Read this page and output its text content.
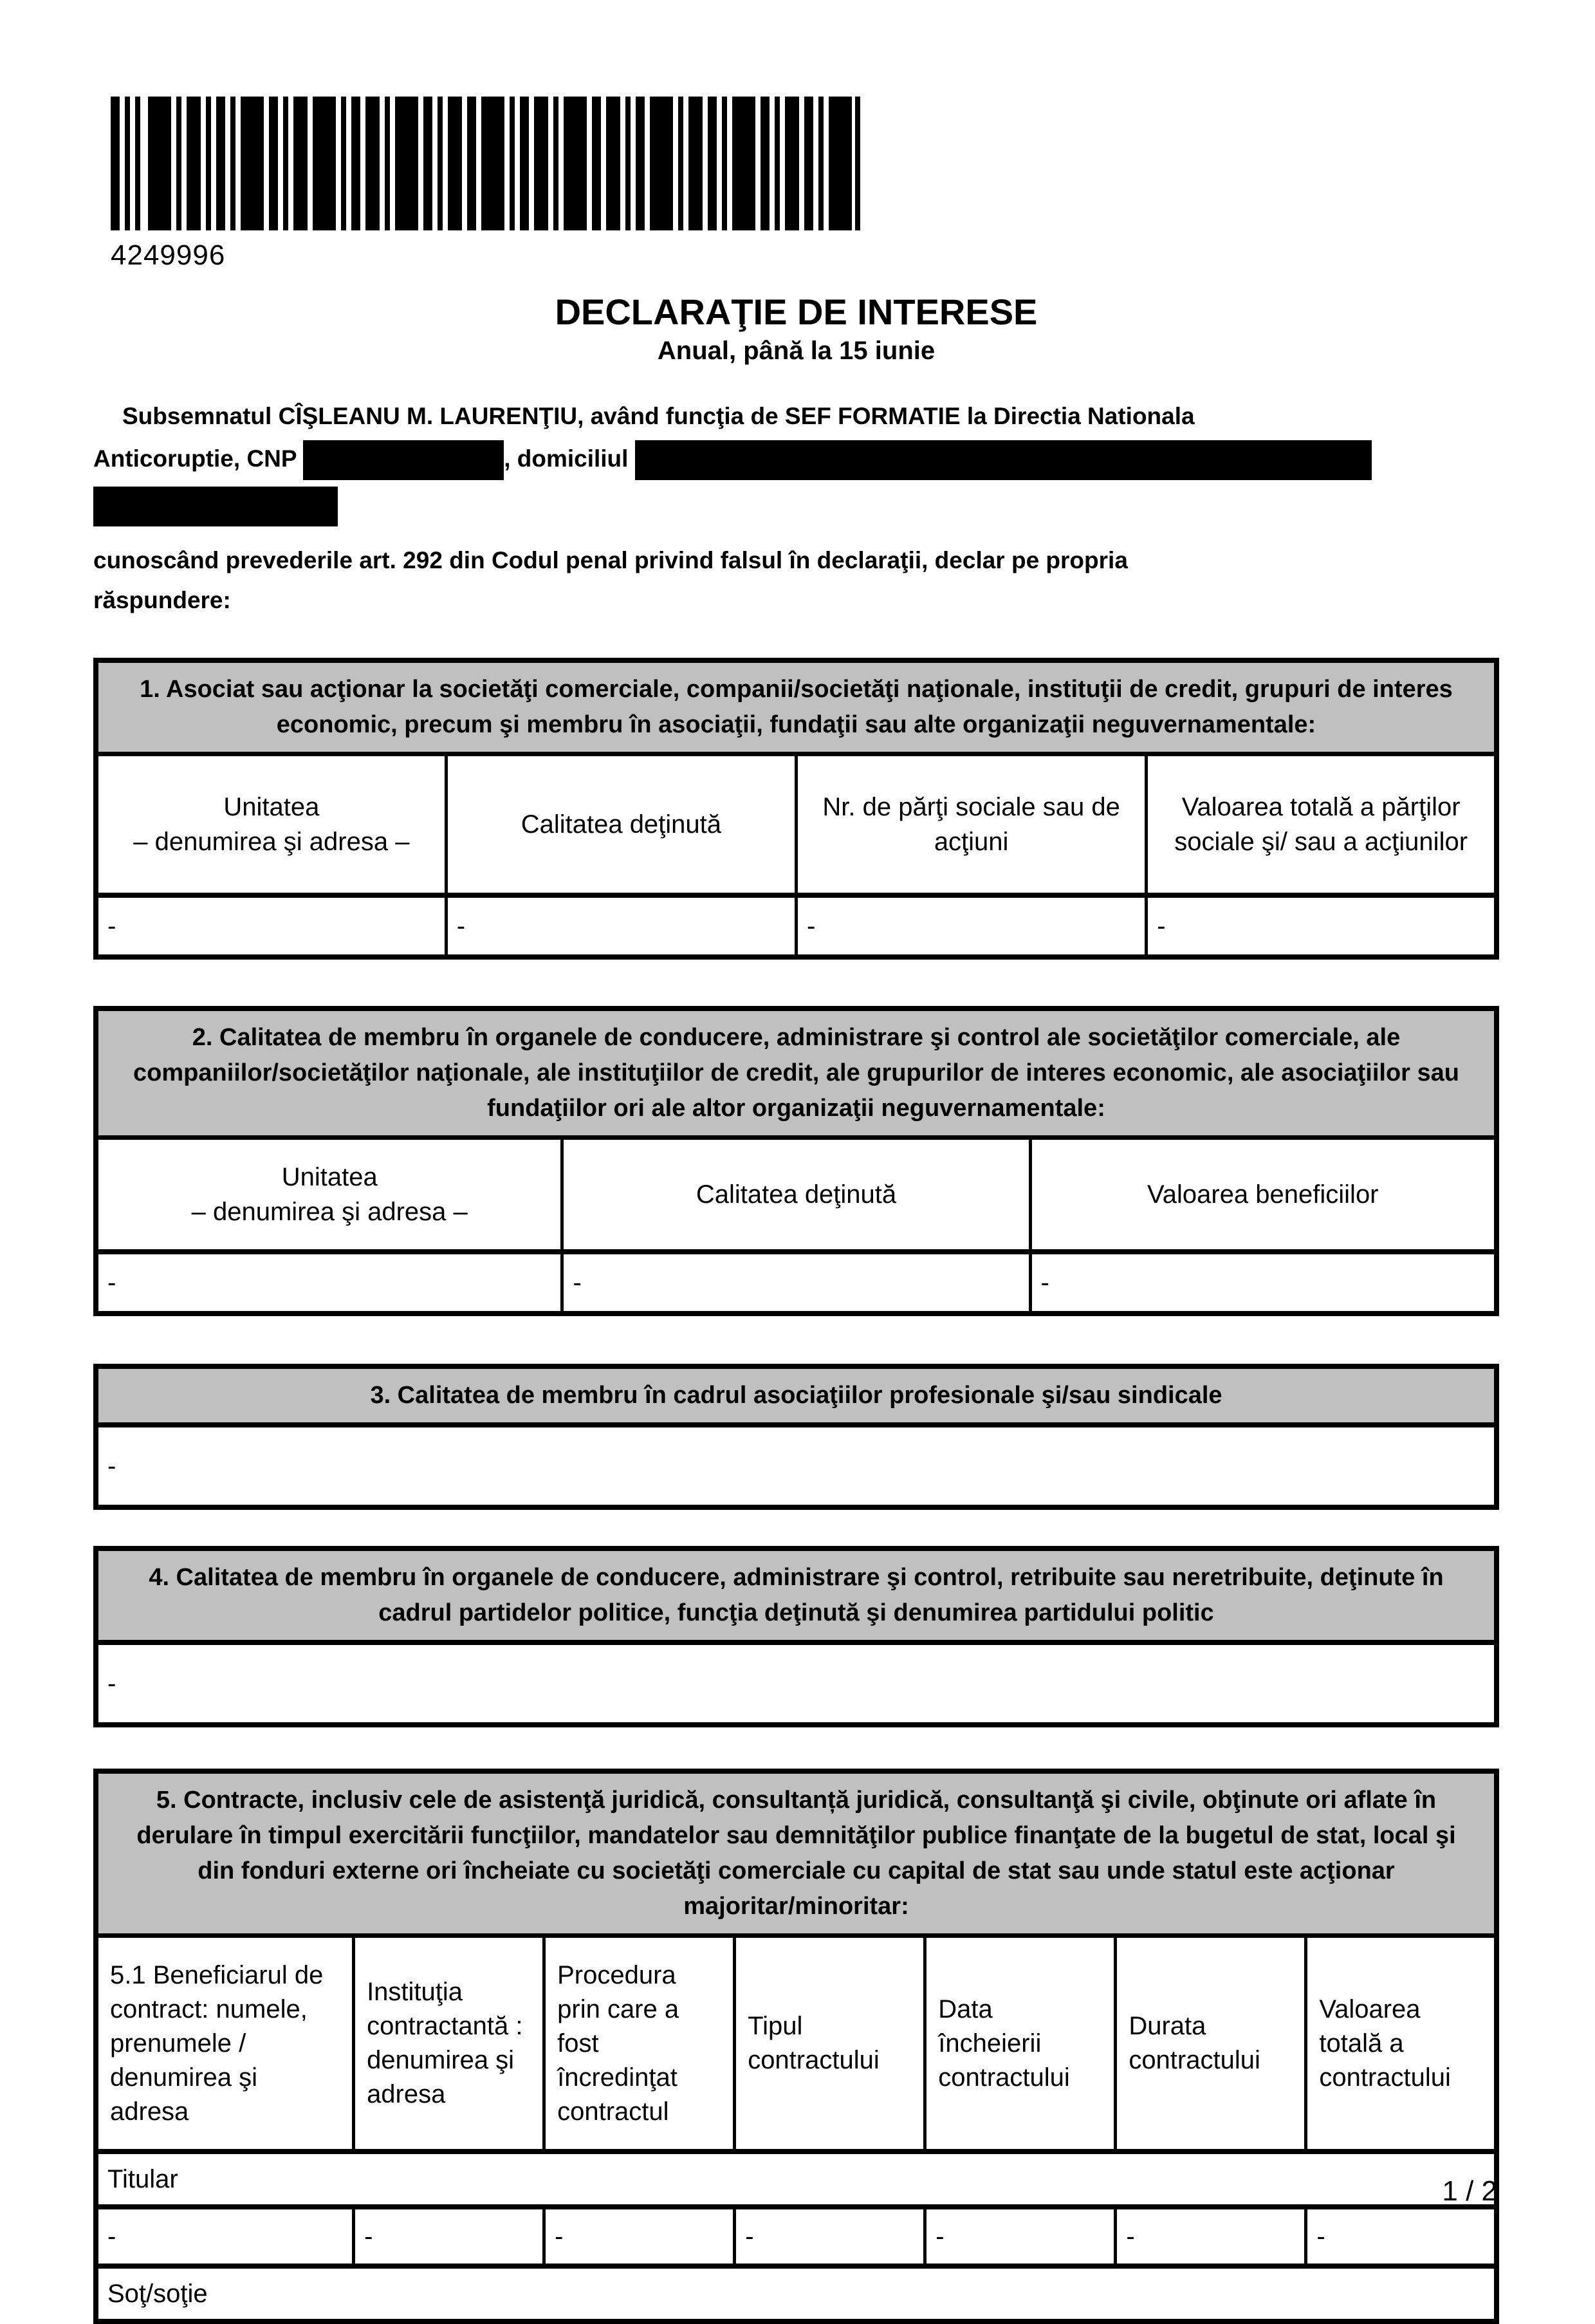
4249996
DECLARAŢIE DE INTERESE
Anual, până la 15 iunie
Subsemnatul CÎŞLEANU M. LAURENŢIU, având funcţia de SEF FORMATIE la Directia Nationala
Anticoruptie, CNP	, domiciliul
cunoscând prevederile art. 292 din Codul penal privind falsul în declaraţii, declar pe propria
răspundere:
1. Asociat sau acţionar la societăţi comerciale, companii/societăţi naţionale, instituţii de credit, grupuri de interes economic, precum şi membru în asociaţii, fundaţii sau alte organizaţii neguvernamentale:			

Unitatea
– denumirea şi adresa –	Calitatea deţinută	Nr. de părţi sociale sau de acţiuni	Valoarea totală a părţilor sociale şi/ sau a acţiunilor
-	-	-	-
2. Calitatea de membru în organele de conducere, administrare şi control ale societăţilor comerciale, ale companiilor/societăţilor naţionale, ale instituţiilor de credit, ale grupurilor de interes economic, ale asociaţiilor sau fundaţiilor ori ale altor organizaţii neguvernamentale:		

Unitatea
– denumirea şi adresa –	Calitatea deţinută	Valoarea beneficiilor
-	-	-
3. Calitatea de membru în cadrul asociaţiilor profesionale şi/sau sindicale
-
4. Calitatea de membru în organele de conducere, administrare şi control, retribuite sau neretribuite, deţinute în cadrul partidelor politice, funcţia deţinută şi denumirea partidului politic
-
5. Contracte, inclusiv cele de asistenţă juridică, consultanță juridică, consultanţă şi civile, obţinute ori aflate în derulare în timpul exercitării funcţiilor, mandatelor sau demnităţilor publice finanţate de la bugetul de stat, local şi din fonduri externe ori încheiate cu societăţi comerciale cu capital de stat sau unde statul este acţionar majoritar/minoritar:						
5.1 Beneficiarul de contract: numele, prenumele / denumirea şi adresa	Instituţia contractantă : denumirea şi adresa	Procedura prin care a fost încredinţat contractul	Tipul contractului	Data încheierii contractului	Durata contractului	Valoarea totală a contractului
Titular						
-	-	-	-	-	-	-
Soţ/soţie						
1 / 2
